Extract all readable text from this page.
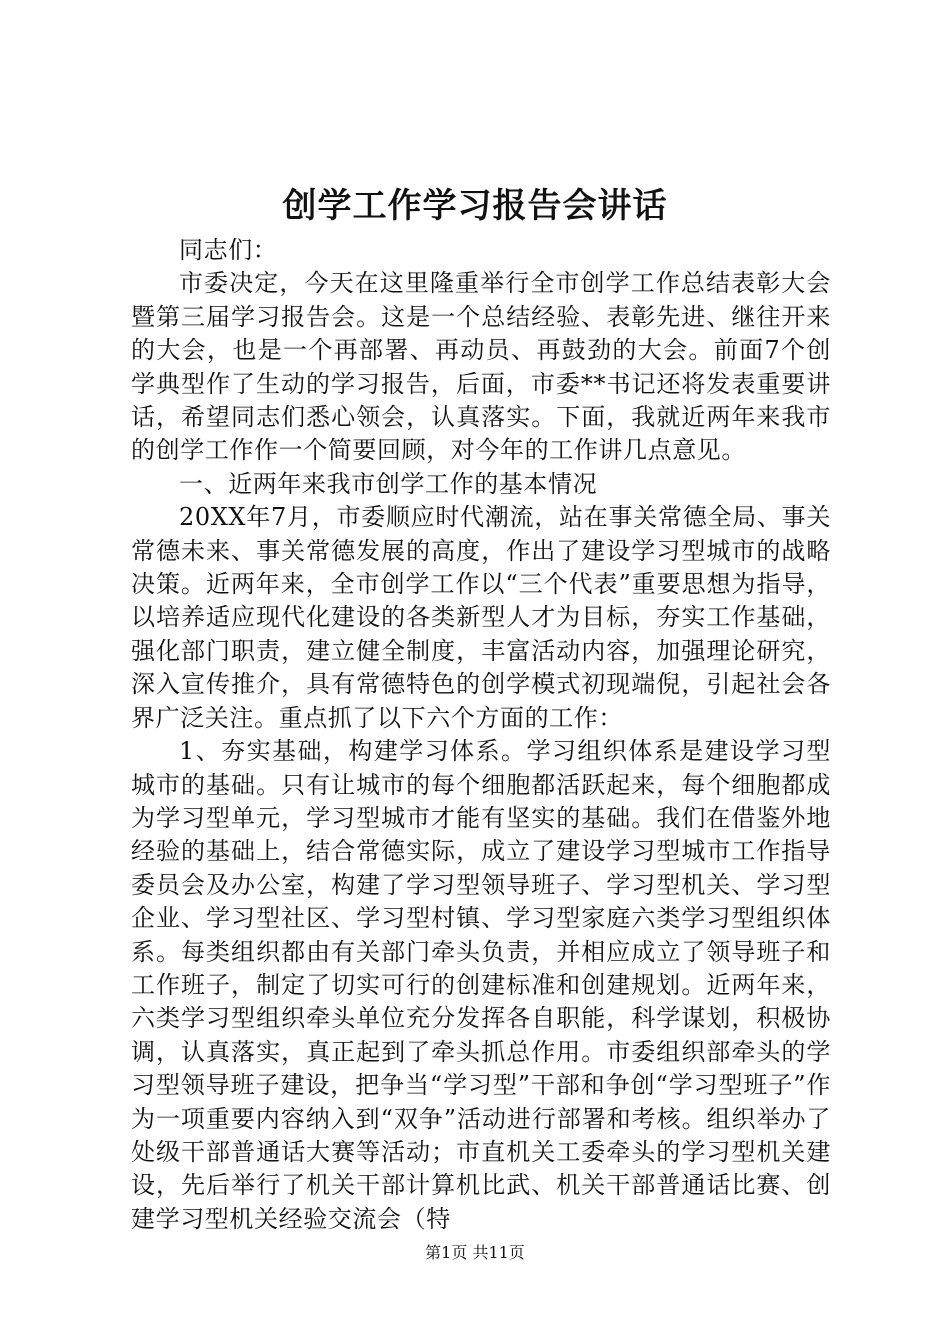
创学工作学习报告会讲话

同志们：

市委决定，今天在这里隆重举行全市创学工作总结表彰大会暨第三届学习报告会。这是一个总结经验、表彰先进、继往开来的大会，也是一个再部署、再动员、再鼓劲的大会。前面7个创学典型作了生动的学习报告，后面，市委**书记还将发表重要讲话，希望同志们悉心领会，认真落实。下面，我就近两年来我市的创学工作作一个简要回顾，对今年的工作讲几点意见。

一、近两年来我市创学工作的基本情况

20XX年7月，市委顺应时代潮流，站在事关常德全局、事关常德未来、事关常德发展的高度，作出了建设学习型城市的战略决策。近两年来，全市创学工作以“三个代表”重要思想为指导，以培养适应现代化建设的各类新型人才为目标，夯实工作基础，强化部门职责，建立健全制度，丰富活动内容，加强理论研究，深入宣传推介，具有常德特色的创学模式初现端倪，引起社会各界广泛关注。重点抓了以下六个方面的工作：

1、夯实基础，构建学习体系。学习组织体系是建设学习型城市的基础。只有让城市的每个细胞都活跃起来，每个细胞都成为学习型单元，学习型城市才能有坚实的基础。我们在借鉴外地经验的基础上，结合常德实际，成立了建设学习型城市工作指导委员会及办公室，构建了学习型领导班子、学习型机关、学习型企业、学习型社区、学习型村镇、学习型家庭六类学习型组织体系。每类组织都由有关部门牵头负责，并相应成立了领导班子和工作班子，制定了切实可行的创建标准和创建规划。近两年来，六类学习型组织牵头单位充分发挥各自职能，科学谋划，积极协调，认真落实，真正起到了牵头抓总作用。市委组织部牵头的学习型领导班子建设，把争当“学习型”干部和争创“学习型班子”作为一项重要内容纳入到“双争”活动进行部署和考核。组织举办了处级干部普通话大赛等活动；市直机关工委牵头的学习型机关建设，先后举行了机关干部计算机比武、机关干部普通话比赛、创建学习型机关经验交流会（特

第1页 共11页
